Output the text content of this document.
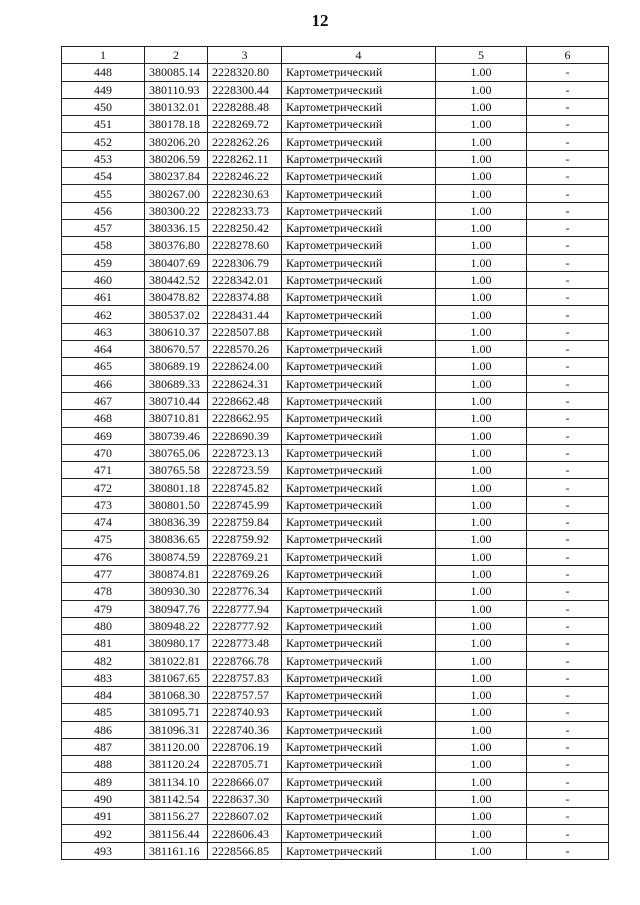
12
1	2	3	4	5	6
448	380085.14	2228320.80	Картометрический	1.00	-
449	380110.93	2228300.44	Картометрический	1.00	-
450	380132.01	2228288.48	Картометрический	1.00	-
451	380178.18	2228269.72	Картометрический	1.00	-
452	380206.20	2228262.26	Картометрический	1.00	-
453	380206.59	2228262.11	Картометрический	1.00	-
454	380237.84	2228246.22	Картометрический	1.00	-
455	380267.00	2228230.63	Картометрический	1.00	-
456	380300.22	2228233.73	Картометрический	1.00	-
457	380336.15	2228250.42	Картометрический	1.00	-
458	380376.80	2228278.60	Картометрический	1.00	-
459	380407.69	2228306.79	Картометрический	1.00	-
460	380442.52	2228342.01	Картометрический	1.00	-
461	380478.82	2228374.88	Картометрический	1.00	-
462	380537.02	2228431.44	Картометрический	1.00	-
463	380610.37	2228507.88	Картометрический	1.00	-
464	380670.57	2228570.26	Картометрический	1.00	-
465	380689.19	2228624.00	Картометрический	1.00	-
466	380689.33	2228624.31	Картометрический	1.00	-
467	380710.44	2228662.48	Картометрический	1.00	-
468	380710.81	2228662.95	Картометрический	1.00	-
469	380739.46	2228690.39	Картометрический	1.00	-
470	380765.06	2228723.13	Картометрический	1.00	-
471	380765.58	2228723.59	Картометрический	1.00	-
472	380801.18	2228745.82	Картометрический	1.00	-
473	380801.50	2228745.99	Картометрический	1.00	-
474	380836.39	2228759.84	Картометрический	1.00	-
475	380836.65	2228759.92	Картометрический	1.00	-
476	380874.59	2228769.21	Картометрический	1.00	-
477	380874.81	2228769.26	Картометрический	1.00	-
478	380930.30	2228776.34	Картометрический	1.00	-
479	380947.76	2228777.94	Картометрический	1.00	-
480	380948.22	2228777.92	Картометрический	1.00	-
481	380980.17	2228773.48	Картометрический	1.00	-
482	381022.81	2228766.78	Картометрический	1.00	-
483	381067.65	2228757.83	Картометрический	1.00	-
484	381068.30	2228757.57	Картометрический	1.00	-
485	381095.71	2228740.93	Картометрический	1.00	-
486	381096.31	2228740.36	Картометрический	1.00	-
487	381120.00	2228706.19	Картометрический	1.00	-
488	381120.24	2228705.71	Картометрический	1.00	-
489	381134.10	2228666.07	Картометрический	1.00	-
490	381142.54	2228637.30	Картометрический	1.00	-
491	381156.27	2228607.02	Картометрический	1.00	-
492	381156.44	2228606.43	Картометрический	1.00	-
493	381161.16	2228566.85	Картометрический	1.00	-
